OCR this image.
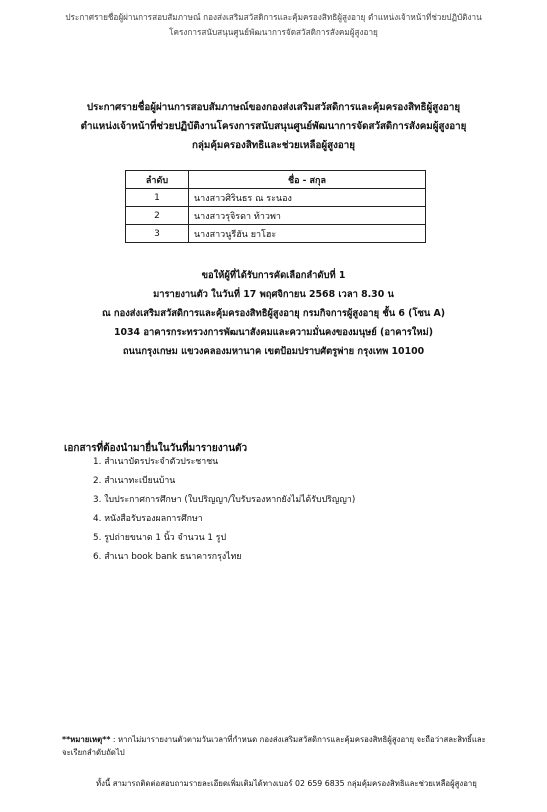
ประกาศรายชื่อผู้ผ่านการสอบสัมภาษณ์ กองส่งเสริมสวัสดิการและคุ้มครองสิทธิผู้สูงอายุ ตำแหน่งเจ้าหน้าที่ช่วยปฏิบัติงาน
โครงการสนับสนุนศูนย์พัฒนาการจัดสวัสดิการสังคมผู้สูงอายุ
ประกาศรายชื่อผู้ผ่านการสอบสัมภาษณ์ของกองส่งเสริมสวัสดิการและคุ้มครองสิทธิผู้สูงอายุ
ตำแหน่งเจ้าหน้าที่ช่วยปฏิบัติงานโครงการสนับสนุนศูนย์พัฒนาการจัดสวัสดิการสังคมผู้สูงอายุ
กลุ่มคุ้มครองสิทธิและช่วยเหลือผู้สูงอายุ
ลำดับ	ชื่อ - สกุล
1	นางสาวศิรินธร ณ ระนอง
2	นางสาวรุจิรดา ท้าวพา
3	นางสาวนูรีฮัน ยาโฮะ
ขอให้ผู้ที่ได้รับการคัดเลือกลำดับที่ 1
มารายงานตัว ในวันที่ 17 พฤศจิกายน 2568 เวลา 8.30 น
ณ กองส่งเสริมสวัสดิการและคุ้มครองสิทธิผู้สูงอายุ กรมกิจการผู้สูงอายุ ชั้น 6 (โซน A)
1034 อาคารกระทรวงการพัฒนาสังคมและความมั่นคงของมนุษย์ (อาคารใหม่)
ถนนกรุงเกษม แขวงคลองมหานาค เขตป้อมปราบศัตรูพ่าย กรุงเทพ 10100
เอกสารที่ต้องนำมายื่นในวันที่มารายงานตัว
1. สำเนาบัตรประจำตัวประชาชน
2. สำเนาทะเบียนบ้าน
3. ใบประกาศการศึกษา (ใบปริญญา/ใบรับรองหากยังไม่ได้รับปริญญา)
4. หนังสือรับรองผลการศึกษา
5. รูปถ่ายขนาด 1 นิ้ว จำนวน 1 รูป
6. สำเนา book bank ธนาคารกรุงไทย
**หมายเหตุ** : หากไม่มารายงานตัวตามวันเวลาที่กำหนด กองส่งเสริมสวัสดิการและคุ้มครองสิทธิผู้สูงอายุ จะถือว่าสละสิทธิ์และจะเรียกลำดับถัดไป
ทั้งนี้ สามารถติดต่อสอบถามรายละเอียดเพิ่มเติมได้ทางเบอร์ 02 659 6835 กลุ่มคุ้มครองสิทธิและช่วยเหลือผู้สูงอายุ
